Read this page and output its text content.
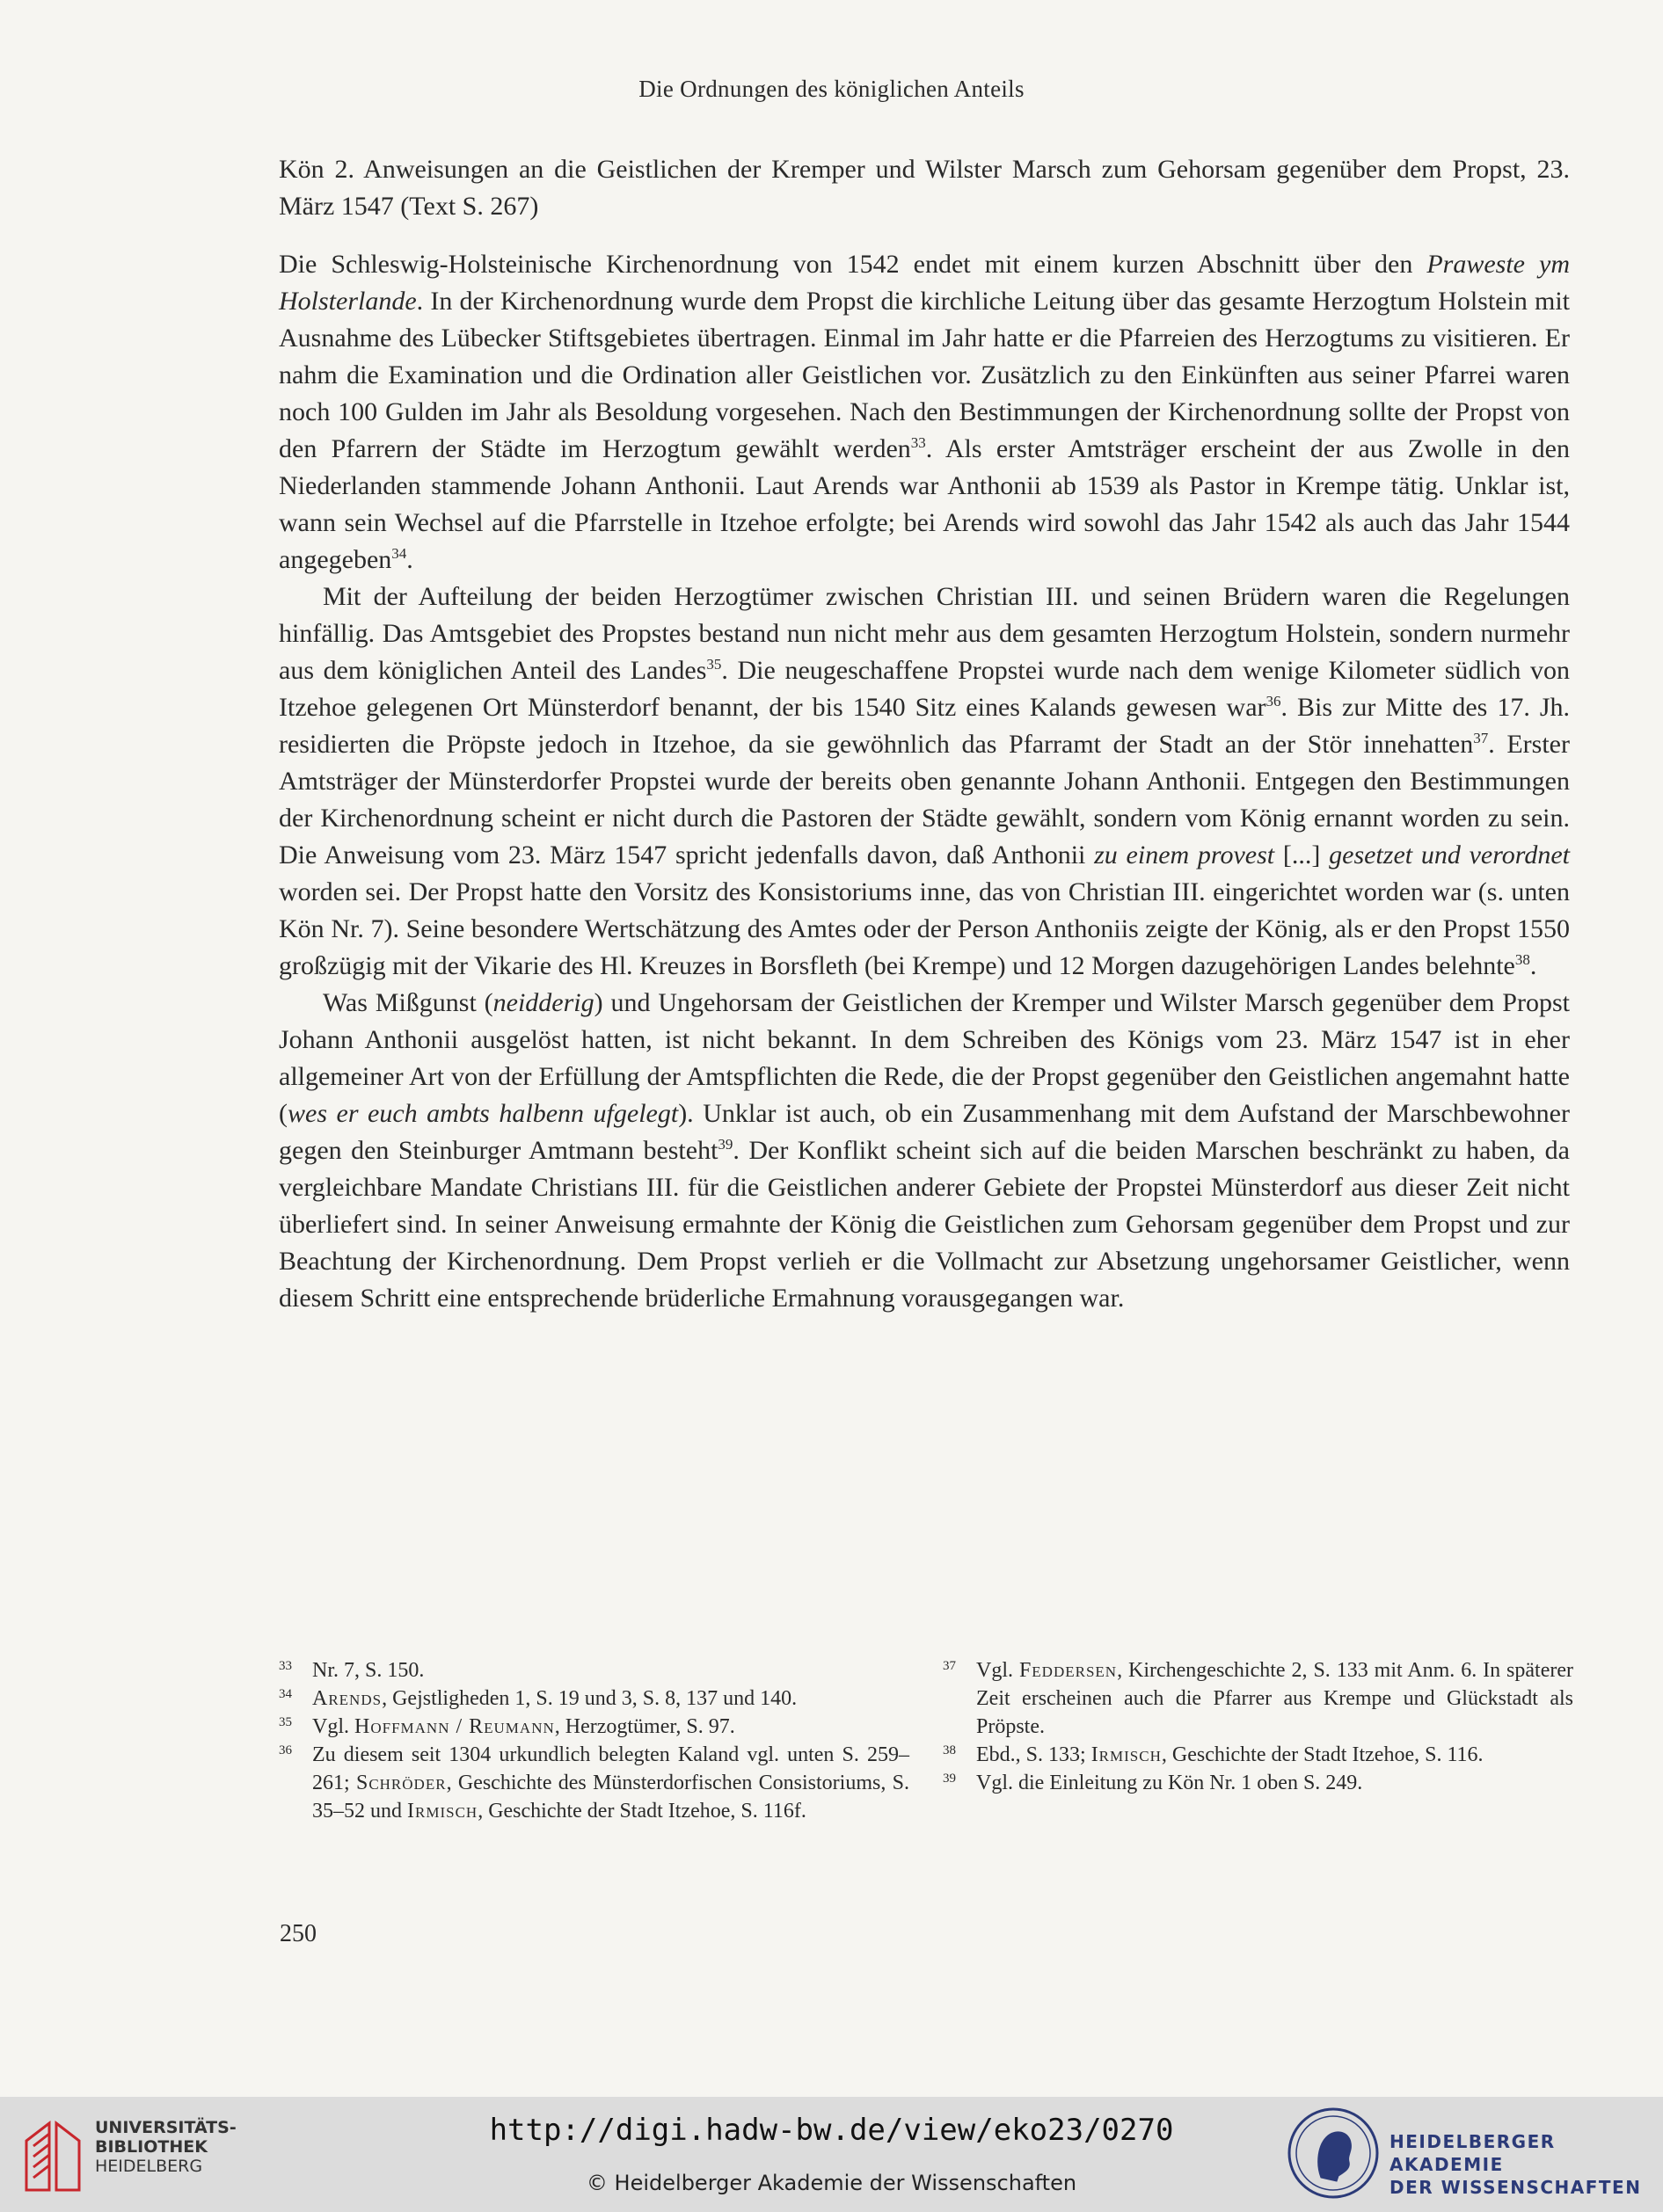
Die Ordnungen des königlichen Anteils

Kön 2. Anweisungen an die Geistlichen der Kremper und Wilster Marsch zum Gehorsam gegenüber dem Propst, 23. März 1547 (Text S. 267)

Die Schleswig-Holsteinische Kirchenordnung von 1542 endet mit einem kurzen Abschnitt über den Praweste ym Holsterlande. In der Kirchenordnung wurde dem Propst die kirchliche Leitung über das gesamte Herzogtum Holstein mit Ausnahme des Lübecker Stiftsgebietes übertragen. Einmal im Jahr hatte er die Pfarreien des Herzogtums zu visitieren. Er nahm die Examination und die Ordination aller Geistlichen vor. Zusätzlich zu den Einkünften aus seiner Pfarrei waren noch 100 Gulden im Jahr als Besoldung vorgesehen. Nach den Bestimmungen der Kirchenordnung sollte der Propst von den Pfarrern der Städte im Herzogtum gewählt werden$^{33}$. Als erster Amtsträger erscheint der aus Zwolle in den Niederlanden stammende Johann Anthonii. Laut Arends war Anthonii ab 1539 als Pastor in Krempe tätig. Unklar ist, wann sein Wechsel auf die Pfarrstelle in Itzehoe erfolgte; bei Arends wird sowohl das Jahr 1542 als auch das Jahr 1544 angegeben$^{34}$.

Mit der Aufteilung der beiden Herzogtümer zwischen Christian III. und seinen Brüdern waren die Regelungen hinfällig. Das Amtsgebiet des Propstes bestand nun nicht mehr aus dem gesamten Herzogtum Holstein, sondern nurmehr aus dem königlichen Anteil des Landes$^{35}$. Die neugeschaffene Propstei wurde nach dem wenige Kilometer südlich von Itzehoe gelegenen Ort Münsterdorf benannt, der bis 1540 Sitz eines Kalands gewesen war$^{36}$. Bis zur Mitte des 17. Jh. residierten die Pröpste jedoch in Itzehoe, da sie gewöhnlich das Pfarramt der Stadt an der Stör innehatten$^{37}$. Erster Amtsträger der Münsterdorfer Propstei wurde der bereits oben genannte Johann Anthonii. Entgegen den Bestimmungen der Kirchenordnung scheint er nicht durch die Pastoren der Städte gewählt, sondern vom König ernannt worden zu sein. Die Anweisung vom 23. März 1547 spricht jedenfalls davon, daß Anthonii zu einem provest [...] gesetzet und verordnet worden sei. Der Propst hatte den Vorsitz des Konsistoriums inne, das von Christian III. eingerichtet worden war (s. unten Kön Nr. 7). Seine besondere Wertschätzung des Amtes oder der Person Anthoniis zeigte der König, als er den Propst 1550 großzügig mit der Vikarie des Hl. Kreuzes in Borsfleth (bei Krempe) und 12 Morgen dazugehörigen Landes belehnte$^{38}$.

Was Mißgunst (neidderig) und Ungehorsam der Geistlichen der Kremper und Wilster Marsch gegenüber dem Propst Johann Anthonii ausgelöst hatten, ist nicht bekannt. In dem Schreiben des Königs vom 23. März 1547 ist in eher allgemeiner Art von der Erfüllung der Amtspflichten die Rede, die der Propst gegenüber den Geistlichen angemahnt hatte (wes er euch ambts halbenn ufgelegt). Unklar ist auch, ob ein Zusammenhang mit dem Aufstand der Marschbewohner gegen den Steinburger Amtmann besteht$^{39}$. Der Konflikt scheint sich auf die beiden Marschen beschränkt zu haben, da vergleichbare Mandate Christians III. für die Geistlichen anderer Gebiete der Propstei Münsterdorf aus dieser Zeit nicht überliefert sind. In seiner Anweisung ermahnte der König die Geistlichen zum Gehorsam gegenüber dem Propst und zur Beachtung der Kirchenordnung. Dem Propst verlieh er die Vollmacht zur Absetzung ungehorsamer Geistlicher, wenn diesem Schritt eine entsprechende brüderliche Ermahnung vorausgegangen war.

33 Nr. 7, S. 150.
34 Arends, Gejstligheden 1, S. 19 und 3, S. 8, 137 und 140.
35 Vgl. Hoffmann / Reumann, Herzogtümer, S. 97.
36 Zu diesem seit 1304 urkundlich belegten Kaland vgl. unten S. 259–261; Schröder, Geschichte des Münsterdorfischen Consistoriums, S. 35–52 und Irmisch, Geschichte der Stadt Itzehoe, S. 116f.
37 Vgl. Feddersen, Kirchengeschichte 2, S. 133 mit Anm. 6. In späterer Zeit erscheinen auch die Pfarrer aus Krempe und Glückstadt als Pröpste.
38 Ebd., S. 133; Irmisch, Geschichte der Stadt Itzehoe, S. 116.
39 Vgl. die Einleitung zu Kön Nr. 1 oben S. 249.
250
UNIVERSITÄTS-
BIBLIOTHEK
HEIDELBERG
http://digi.hadw-bw.de/view/eko23/0270
© Heidelberger Akademie der Wissenschaften
HEIDELBERGER AKADEMIE
DER WISSENSCHAFTEN
